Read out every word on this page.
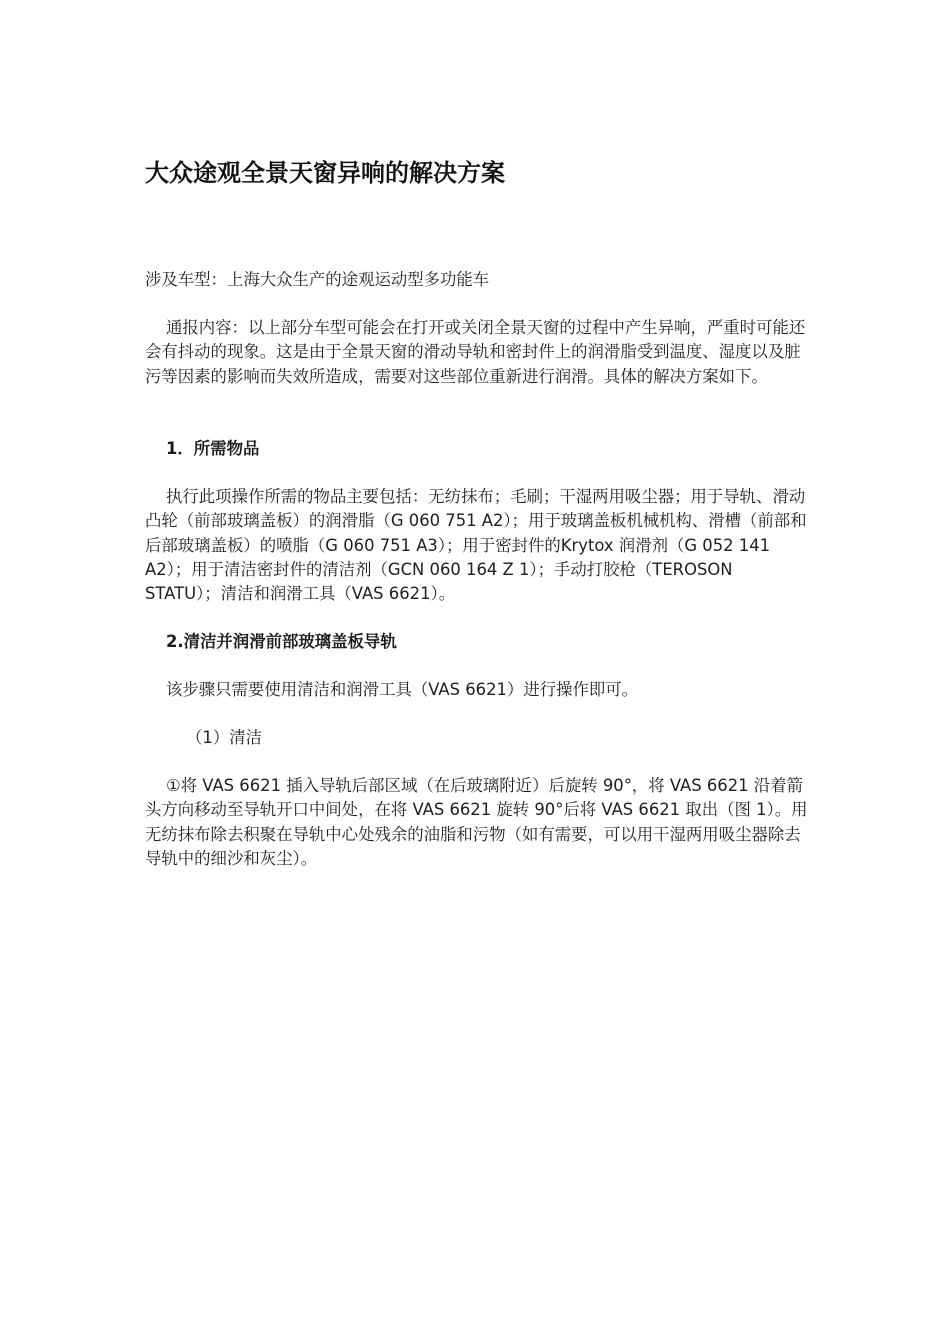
大众途观全景天窗异响的解决方案

涉及车型：上海大众生产的途观运动型多功能车

通报内容：以上部分车型可能会在打开或关闭全景天窗的过程中产生异响，严重时可能还会有抖动的现象。这是由于全景天窗的滑动导轨和密封件上的润滑脂受到温度、湿度以及脏污等因素的影响而失效所造成，需要对这些部位重新进行润滑。具体的解决方案如下。

1．所需物品

执行此项操作所需的物品主要包括：无纺抹布；毛刷；干湿两用吸尘器；用于导轨、滑动凸轮（前部玻璃盖板）的润滑脂（G 060 751 A2）；用于玻璃盖板机械机构、滑槽（前部和后部玻璃盖板）的喷脂（G 060 751 A3）；用于密封件的Krytox 润滑剂（G 052 141 A2）；用于清洁密封件的清洁剂（GCN 060 164 Z 1）；手动打胶枪（TEROSON STATU）；清洁和润滑工具（VAS 6621）。

2.清洁并润滑前部玻璃盖板导轨

该步骤只需要使用清洁和润滑工具（VAS 6621）进行操作即可。

（1）清洁

①将 VAS 6621 插入导轨后部区域（在后玻璃附近）后旋转 90°，将 VAS 6621 沿着箭头方向移动至导轨开口中间处，在将 VAS 6621 旋转 90°后将 VAS 6621 取出（图 1）。用无纺抹布除去积聚在导轨中心处残余的油脂和污物（如有需要，可以用干湿两用吸尘器除去导轨中的细沙和灰尘）。
